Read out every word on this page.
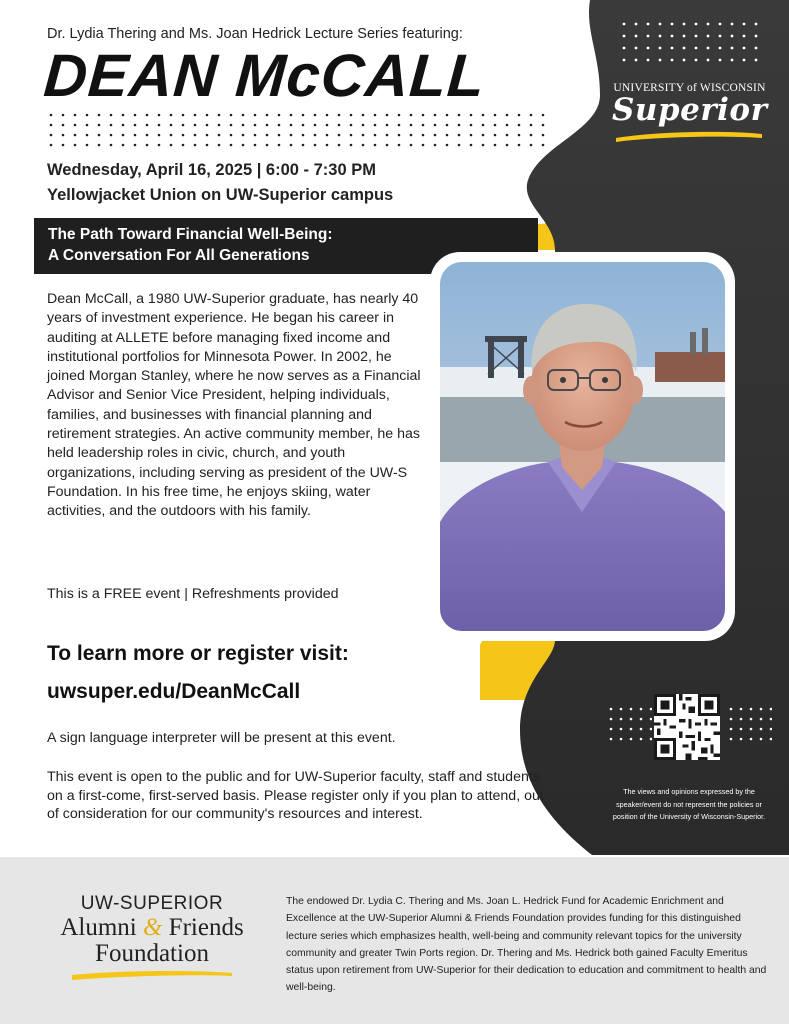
Dr. Lydia Thering and Ms. Joan Hedrick Lecture Series featuring:
DEAN McCALL
Wednesday, April 16, 2025 | 6:00 - 7:30 PM
Yellowjacket Union on UW-Superior campus
The Path Toward Financial Well-Being:
A Conversation For All Generations
Dean McCall, a 1980 UW-Superior graduate, has nearly 40 years of investment experience. He began his career in auditing at ALLETE before managing fixed income and institutional portfolios for Minnesota Power. In 2002, he joined Morgan Stanley, where he now serves as a Financial Advisor and Senior Vice President, helping individuals, families, and businesses with financial planning and retirement strategies. An active community member, he has held leadership roles in civic, church, and youth organizations, including serving as president of the UW-S Foundation. In his free time, he enjoys skiing, water activities, and the outdoors with his family.
This is a FREE event | Refreshments provided
To learn more or register visit:
uwsuper.edu/DeanMcCall
A sign language interpreter will be present at this event.
This event is open to the public and for UW-Superior faculty, staff and students on a first-come, first-served basis. Please register only if you plan to attend, out of consideration for our community's resources and interest.
UNIVERSITY of WISCONSIN
Superior
The views and opinions expressed by the speaker/event do not represent the policies or position of the University of Wisconsin-Superior.
UW-SUPERIOR
Alumni & Friends
Foundation
The endowed Dr. Lydia C. Thering and Ms. Joan L. Hedrick Fund for Academic Enrichment and Excellence at the UW-Superior Alumni & Friends Foundation provides funding for this distinguished lecture series which emphasizes health, well-being and community relevant topics for the university community and greater Twin Ports region. Dr. Thering and Ms. Hedrick both gained Faculty Emeritus status upon retirement from UW-Superior for their dedication to education and commitment to health and well-being.
